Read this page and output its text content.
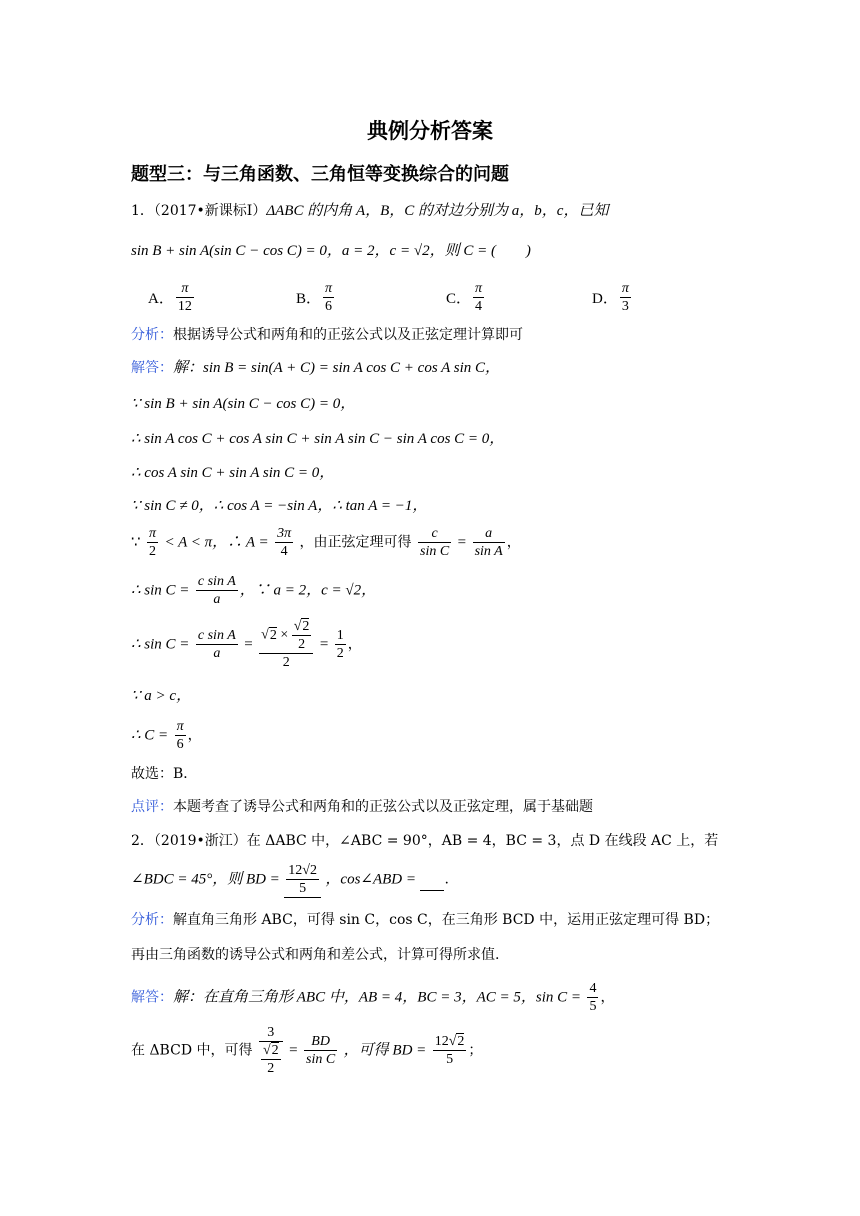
典例分析答案
题型三：与三角函数、三角恒等变换综合的问题
1．（2017•新课标Ⅰ）ΔABC 的内角 A，B，C 的对边分别为 a，b，c，已知
sin B + sin A(sin C − cos C) = 0，a = 2，c = √2，则 C = (　　)
A． $\frac{\pi}{12}$	B． $\frac{\pi}{6}$	C． $\frac{\pi}{4}$	D． $\frac{\pi}{3}$
分析：根据诱导公式和两角和的正弦公式以及正弦定理计算即可
解答：解：sin B = sin(A + C) = sin A cos C + cos A sin C，
∵ sin B + sin A(sin C − cos C) = 0，
∴ sin A cos C + cos A sin C + sin A sin C − sin A cos C = 0，
∴ cos A sin C + sin A sin C = 0，
∵ sin C ≠ 0，∴ cos A = −sin A，∴ tan A = −1，
∵ $\frac{\pi}{2} < A < \pi$，∴ $A = \frac{3\pi}{4}$ ，由正弦定理可得 $\frac{c}{\text{sin C}} = \frac{a}{\text{sin A}}$ ，
∴ $\sin C = \frac{\text{c sin A}}{a}$ ，∵ a = 2，c = √2，
∴ $\sin C = \frac{\text{c sin A}}{a} = \frac{√2 \times \frac{√2}{2}}{2} = \frac{1}{2}$ ，
∵ a > c，
∴ $C = \frac{\pi}{6}$ ，
故选：B．
点评：本题考查了诱导公式和两角和的正弦公式以及正弦定理，属于基础题
2．（2019•浙江）在 ΔABC 中，∠ABC = 90°，AB = 4，BC = 3，点 D 在线段 AC 上，若
∠BDC = 45°，则 BD = $\frac{12√2}{5}$ ，cos∠ABD = .
分析：解直角三角形 ABC，可得 sin C，cos C，在三角形 BCD 中，运用正弦定理可得 BD；
再由三角函数的诱导公式和两角和差公式，计算可得所求值.
解答：解：在直角三角形 ABC 中，AB = 4，BC = 3，AC = 5，$\sin C = \frac{4}{5}$ ，
在 ΔBCD 中，可得 $\frac{3}{\frac{√2}{2}} = \frac{BD}{\text{sin C}}$ ，可得 BD = $\frac{12√2}{5}$ ；
